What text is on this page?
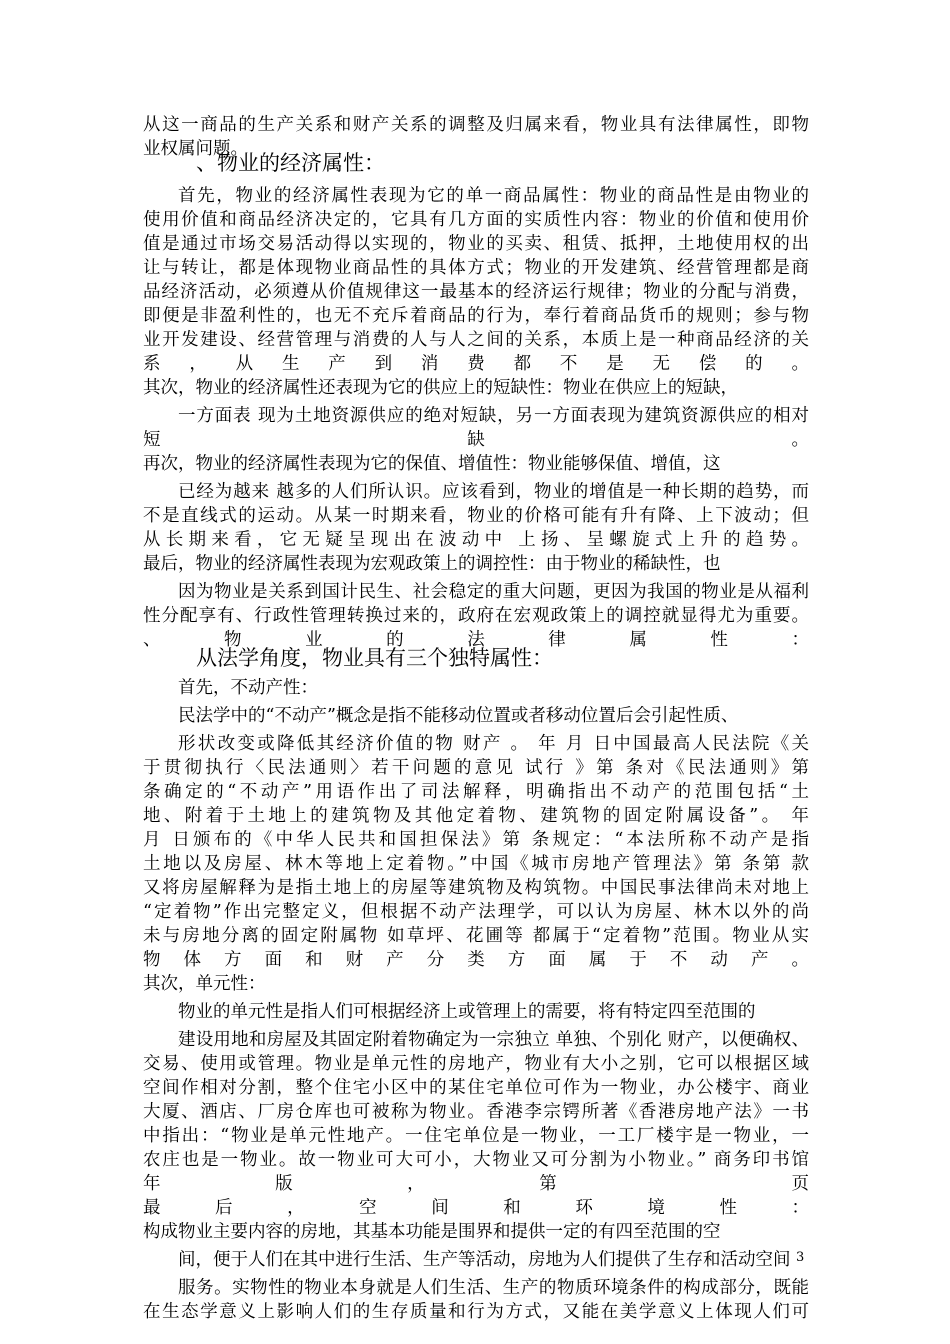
从这一商品的生产关系和财产关系的调整及归属来看，物业具有法律属性，即物
业权属问题。
、物业的经济属性：
首先，物业的经济属性表现为它的单一商品属性：物业的商品性是由物业的
使用价值和商品经济决定的，它具有几方面的实质性内容：物业的价值和使用价
值是通过市场交易活动得以实现的，物业的买卖、租赁、抵押，土地使用权的出
让与转让，都是体现物业商品性的具体方式；物业的开发建筑、经营管理都是商
品经济活动，必须遵从价值规律这一最基本的经济运行规律；物业的分配与消费，
即便是非盈利性的，也无不充斥着商品的行为，奉行着商品货币的规则；参与物
业开发建设、经营管理与消费的人与人之间的关系，本质上是一种商品经济的关
系，从生产到消费都不是无偿的。
其次，物业的经济属性还表现为它的供应上的短缺性：物业在供应上的短缺，
一方面表 现为土地资源供应的绝对短缺，另一方面表现为建筑资源供应的相对
短缺。
再次，物业的经济属性表现为它的保值、增值性：物业能够保值、增值，这
已经为越来 越多的人们所认识。应该看到，物业的增值是一种长期的趋势，而
不是直线式的运动。从某一时期来看，物业的价格可能有升有降、上下波动；但
从长期来看，它无疑呈现出在波动中 上扬、呈螺旋式上升的趋势。
最后，物业的经济属性表现为宏观政策上的调控性：由于物业的稀缺性，也
因为物业是关系到国计民生、社会稳定的重大问题，更因为我国的物业是从福利
性分配享有、行政性管理转换过来的，政府在宏观政策上的调控就显得尤为重要。
、物业的法律属性：
从法学角度，物业具有三个独特属性：
首先，不动产性：
民法学中的“不动产”概念是指不能移动位置或者移动位置后会引起性质、
形状改变或降低其经济价值的物 财产 。 年 月 日中国最高人民法院《关
于贯彻执行〈民法通则〉若干问题的意见 试行 》第 条对《民法通则》第
条确定的“不动产”用语作出了司法解释，明确指出不动产的范围包括“土
地、附着于土地上的建筑物及其他定着物、建筑物的固定附属设备”。 年
月 日颁布的《中华人民共和国担保法》第 条规定：“本法所称不动产是指
土地以及房屋、林木等地上定着物。”中国《城市房地产管理法》第 条第 款
又将房屋解释为是指土地上的房屋等建筑物及构筑物。中国民事法律尚未对地上
“定着物”作出完整定义，但根据不动产法理学，可以认为房屋、林木以外的尚
未与房地分离的固定附属物 如草坪、花圃等 都属于“定着物”范围。物业从实
物体方面和财产分类方面属于不动产。
其次，单元性：
物业的单元性是指人们可根据经济上或管理上的需要，将有特定四至范围的
建设用地和房屋及其固定附着物确定为一宗独立 单独、个别化 财产，以便确权、
交易、使用或管理。物业是单元性的房地产，物业有大小之别，它可以根据区域
空间作相对分割，整个住宅小区中的某住宅单位可作为一物业，办公楼宇、商业
大厦、酒店、厂房仓库也可被称为物业。香港李宗锷所著《香港房地产法》一书
中指出：“物业是单元性地产。一住宅单位是一物业，一工厂楼宇是一物业，一
农庄也是一物业。故一物业可大可小，大物业又可分割为小物业。” 商务印书馆
年版，第 页
最后，空间和环境性：
构成物业主要内容的房地，其基本功能是围界和提供一定的有四至范围的空
间，便于人们在其中进行生活、生产等活动，房地为人们提供了生存和活动空间
服务。实物性的物业本身就是人们生活、生产的物质环境条件的构成部分，既能
在生态学意义上影响人们的生存质量和行为方式，又能在美学意义上体现人们可
3
